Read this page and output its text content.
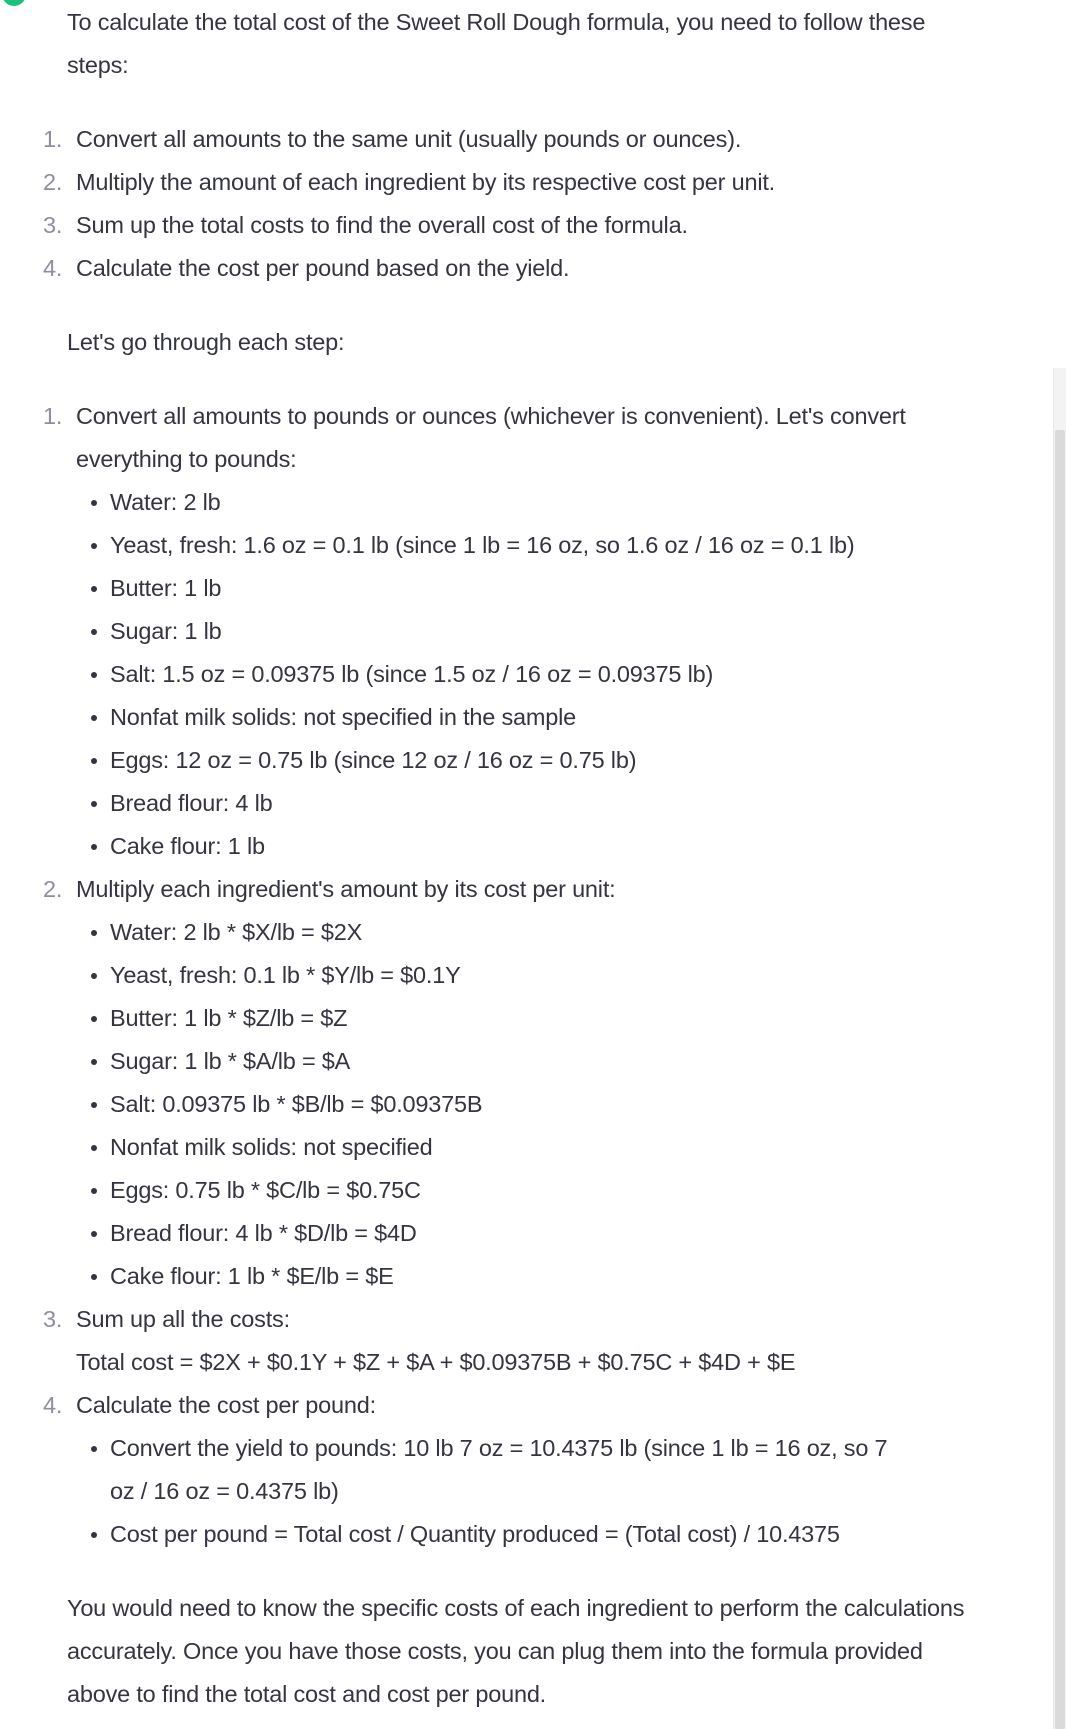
To calculate the total cost of the Sweet Roll Dough formula, you need to follow these steps:

1. Convert all amounts to the same unit (usually pounds or ounces).
2. Multiply the amount of each ingredient by its respective cost per unit.
3. Sum up the total costs to find the overall cost of the formula.
4. Calculate the cost per pound based on the yield.

Let's go through each step:

1. Convert all amounts to pounds or ounces (whichever is convenient). Let's convert everything to pounds:
Water: 2 lb
Yeast, fresh: 1.6 oz = 0.1 lb (since 1 lb = 16 oz, so 1.6 oz / 16 oz = 0.1 lb)
Butter: 1 lb
Sugar: 1 lb
Salt: 1.5 oz = 0.09375 lb (since 1.5 oz / 16 oz = 0.09375 lb)
Nonfat milk solids: not specified in the sample
Eggs: 12 oz = 0.75 lb (since 12 oz / 16 oz = 0.75 lb)
Bread flour: 4 lb
Cake flour: 1 lb
2. Multiply each ingredient's amount by its cost per unit:
Water: 2 lb * $X/lb = $2X
Yeast, fresh: 0.1 lb * $Y/lb = $0.1Y
Butter: 1 lb * $Z/lb = $Z
Sugar: 1 lb * $A/lb = $A
Salt: 0.09375 lb * $B/lb = $0.09375B
Nonfat milk solids: not specified
Eggs: 0.75 lb * $C/lb = $0.75C
Bread flour: 4 lb * $D/lb = $4D
Cake flour: 1 lb * $E/lb = $E
3. Sum up all the costs:
Total cost = $2X + $0.1Y + $Z + $A + $0.09375B + $0.75C + $4D + $E
4. Calculate the cost per pound:
Convert the yield to pounds: 10 lb 7 oz = 10.4375 lb (since 1 lb = 16 oz, so 7 oz / 16 oz = 0.4375 lb)
Cost per pound = Total cost / Quantity produced = (Total cost) / 10.4375

You would need to know the specific costs of each ingredient to perform the calculations accurately. Once you have those costs, you can plug them into the formula provided above to find the total cost and cost per pound.
